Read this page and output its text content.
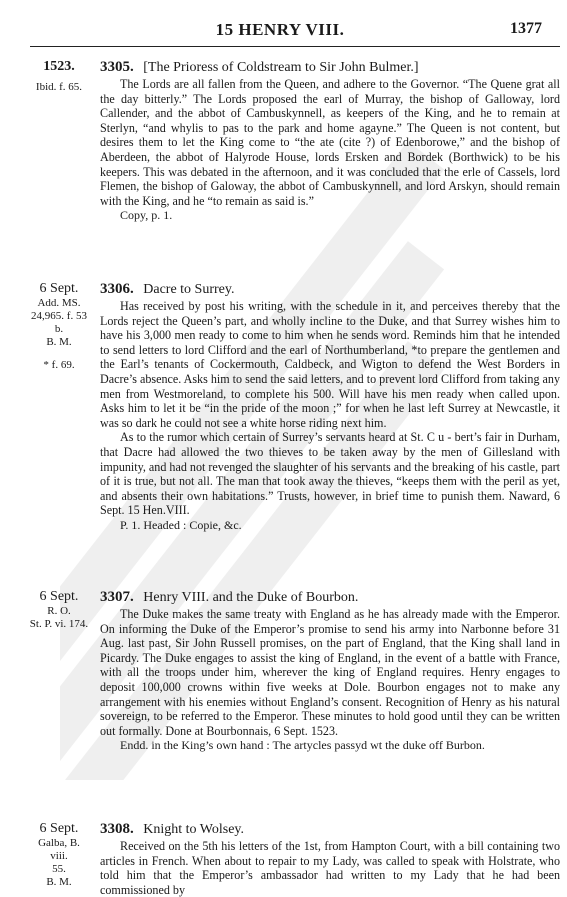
15 HENRY VIII.	1377
1523.
Ibid. f. 65.
3305. [The Prioress of Coldstream to Sir John Bulmer.]

The Lords are all fallen from the Queen, and adhere to the Governor. “The Quene grat all the day bitterly.” The Lords proposed the earl of Murray, the bishop of Galloway, lord Callender, and the abbot of Cambuskynnell, as keepers of the King, and he to remain at Sterlyn, “and whylis to pas to the park and home agayne.” The Queen is not content, but desires them to let the King come to “the ate (cite ?) of Edenborowe,” and the bishop of Aberdeen, the abbot of Halyrode House, lords Ersken and Bordek (Borthwick) to be his keepers. This was debated in the afternoon, and it was concluded that the erle of Cassels, lord Flemen, the bishop of Galoway, the abbot of Cambuskynnell, and lord Arskyn, should remain with the King, and he “to remain as said is.”

Copy, p. 1.

6 Sept.
Add. MS.
24,965. f. 53 b.
B. M.
* f. 69.
3306. Dacre to Surrey.

Has received by post his writing, with the schedule in it, and perceives thereby that the Lords reject the Queen’s part, and wholly incline to the Duke, and that Surrey wishes him to have his 3,000 men ready to come to him when he sends word. Reminds him that he intended to send letters to lord Clifford and the earl of Northumberland, *to prepare the gentlemen and the Earl’s tenants of Cockermouth, Caldbeck, and Wigton to defend the West Borders in Dacre’s absence. Asks him to send the said letters, and to prevent lord Clifford from taking any men from Westmoreland, to complete his 500. Will have his men ready when called upon. Asks him to let it be “in the pride of the moon ;” for when he last left Surrey at Newcastle, it was so dark he could not see a white horse riding next him.

As to the rumor which certain of Surrey’s servants heard at St. C u - bert’s fair in Durham, that Dacre had allowed the two thieves to be taken away by the men of Gillesland with impunity, and had not revenged the slaughter of his servants and the breaking of his castle, part of it is true, but not all. The man that took away the thieves, “keeps them with the peril as yet, and absents their own habitations.” Trusts, however, in brief time to punish them. Naward, 6 Sept. 15 Hen.VIII.

P. 1. Headed : Copie, &c.

6 Sept.
R. O.
St. P. vi. 174.
3307. Henry VIII. and the Duke of Bourbon.

The Duke makes the same treaty with England as he has already made with the Emperor. On informing the Duke of the Emperor’s promise to send his army into Narbonne before 31 Aug. last past, Sir John Russell promises, on the part of England, that the King shall land in Picardy. The Duke engages to assist the king of England, in the event of a battle with France, with all the troops under him, wherever the king of England requires. Henry engages to deposit 100,000 crowns within five weeks at Dole. Bourbon engages not to make any arrangement with his enemies without England’s consent. Recognition of Henry as his natural sovereign, to be referred to the Emperor. These minutes to hold good until they can be written out formally. Done at Bourbonnais, 6 Sept. 1523.

Endd. in the King’s own hand : The artycles passyd wt the duke off Burbon.

6 Sept.
Galba, B. viii.
55.
B. M.
3308. Knight to Wolsey.

Received on the 5th his letters of the 1st, from Hampton Court, with a bill containing two articles in French. When about to repair to my Lady, was called to speak with Holstrate, who told him that the Emperor’s ambassador had written to my Lady that he had been commissioned by
